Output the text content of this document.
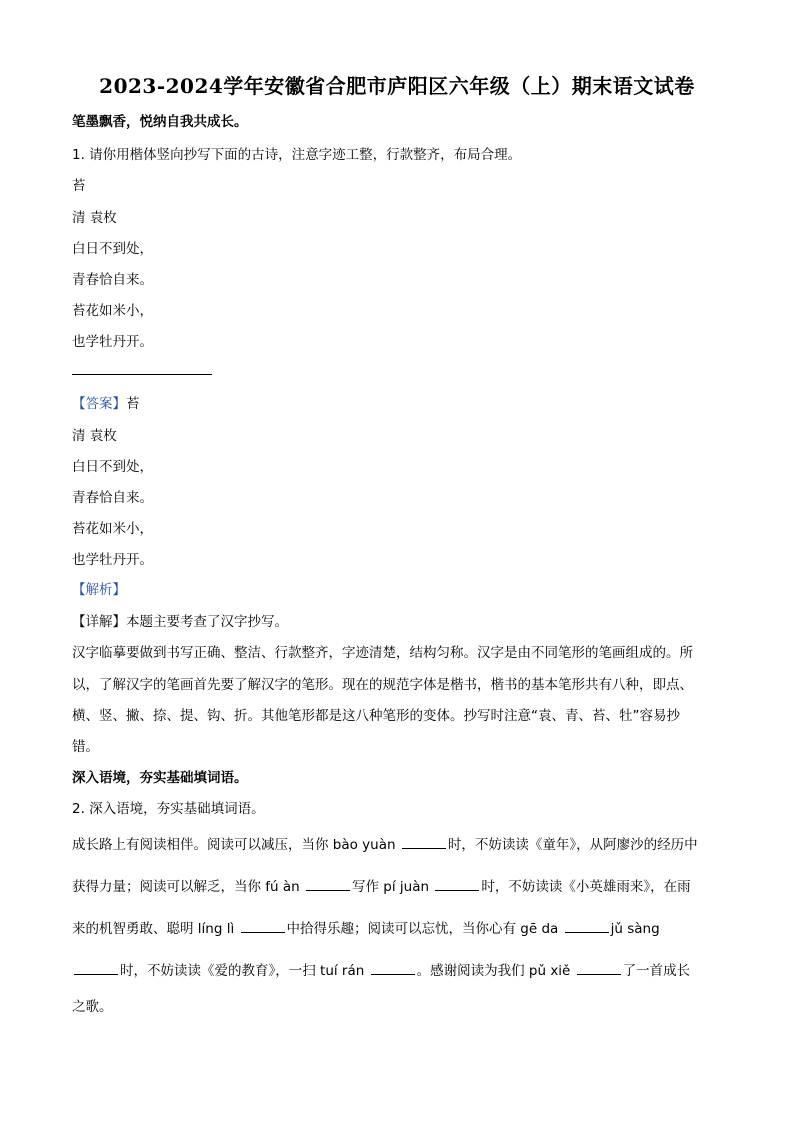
2023-2024学年安徽省合肥市庐阳区六年级（上）期末语文试卷
笔墨飘香，悦纳自我共成长。
1. 请你用楷体竖向抄写下面的古诗，注意字迹工整，行款整齐，布局合理。
苔
清 袁枚
白日不到处，
青春恰自来。
苔花如米小，
也学牡丹开。
【答案】苔
清 袁枚
白日不到处，
青春恰自来。
苔花如米小，
也学牡丹开。
【解析】
【详解】本题主要考查了汉字抄写。
汉字临摹要做到书写正确、整洁、行款整齐，字迹清楚，结构匀称。汉字是由不同笔形的笔画组成的。所
以，了解汉字的笔画首先要了解汉字的笔形。现在的规范字体是楷书，楷书的基本笔形共有八种，即点、
横、竖、撇、捺、提、钩、折。其他笔形都是这八种笔形的变体。抄写时注意“袁、青、苔、牡”容易抄
错。
深入语境，夯实基础填词语。
2. 深入语境，夯实基础填词语。
成长路上有阅读相伴。阅读可以减压，当你 bào yuàn	时，不妨读读《童年》，从阿廖沙的经历中
获得力量；阅读可以解乏，当你 fú àn	写作 pí juàn	时，不妨读读《小英雄雨来》，在雨
来的机智勇敢、聪明 líng lì	中拾得乐趣；阅读可以忘忧，当你心有 gē da	jǔ sàng
时，不妨读读《爱的教育》，一扫 tuí rán	。感谢阅读为我们 pǔ xiě	了一首成长
之歌。
